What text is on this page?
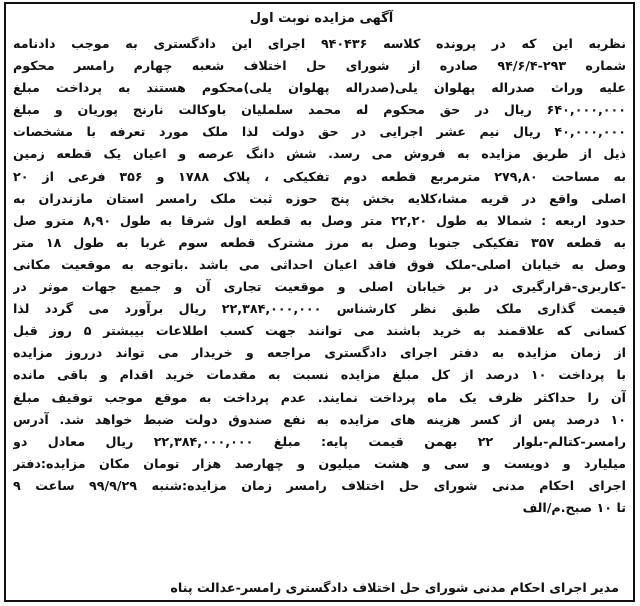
آگهی مزایده نوبت اول
نظربه این که در پرونده کلاسه ۹۴۰۴۳۶ اجرای این دادگستری به موجب دادنامه
شماره ۲۹۳-۹۴/۶/۴ صادره از شورای حل اختلاف شعبه چهارم رامسر محکوم
علیه وراث صدراله پهلوان یلی(صدراله پهلوان یلی)محکوم هستند به پرداخت مبلغ
۶۴۰,۰۰۰,۰۰۰ ریال در حق محکوم له محمد سلملیان باوکالت نارنج پوریان و مبلغ
۴۰,۰۰۰,۰۰۰ ریال نیم عشر اجرایی در حق دولت لذا ملک مورد تعرفه با مشخصات
ذیل از طریق مزایده به فروش می رسد. شش دانگ عرصه و اعیان یک قطعه زمین
به مساحت ۲۷۹,۸۰ مترمربع قطعه دوم تفکیکی ، پلاک ۱۷۸۸ و ۳۵۶ فرعی از ۲۰
اصلی واقع در قریه مشا،کلایه بخش پنج حوزه ثبت ملک رامسر استان مازندران به
حدود اربعه : شمالا به طول ۲۲,۲۰ متر وصل به قطعه اول شرقا به طول ۸,۹۰ مترو صل
به قطعه ۳۵۷ تفکیکی جنوبا وصل به مرز مشترک قطعه سوم غربا به طول ۱۸ متر
وصل به خیابان اصلی-ملک فوق فاقد اعیان احداثی می باشد .باتوجه به موقعیت مکانی
-کاربری-قرارگیری در بر خیابان اصلی و موقعیت تجاری آن و جمیع جهات موثر در
قیمت گذاری ملک طبق نظر کارشناس ۲۲,۳۸۴,۰۰۰,۰۰۰ ریال برآورد می گردد لذا
کسانی که علاقمند به خرید باشند می توانند جهت کسب اطلاعات بیبشتر ۵ روز قبل
از زمان مزایده به دفتر اجرای دادگستری مراجعه و خریدار می تواند درروز مزایده
با پرداخت ۱۰ درصد از کل مبلغ مزایده نسبت به مقدمات خرید اقدام و باقی مانده
آن را حداکثر ظرف یک ماه پرداخت نمایند. عدم پرداخت به موقع موجب توقیف مبلغ
۱۰ درصد پس از کسر هزینه های مزایده به نفع صندوق دولت ضبط خواهد شد. آدرس
رامسر-کتالم-بلوار ۲۲ بهمن قیمت پایه: مبلغ ۲۲,۳۸۴,۰۰۰,۰۰۰ ریال معادل دو
میلیارد و دویست و سی و هشت میلیون و چهارصد هزار تومان مکان مزایده:دفتر
اجرای احکام مدنی شورای حل اختلاف رامسر زمان مزایده:شنبه ۹۹/۹/۲۹ ساعت ۹
تا ۱۰ صبح.م/الف
مدیر اجرای احکام مدنی شورای حل اختلاف دادگستری رامسر-عدالت پناه
